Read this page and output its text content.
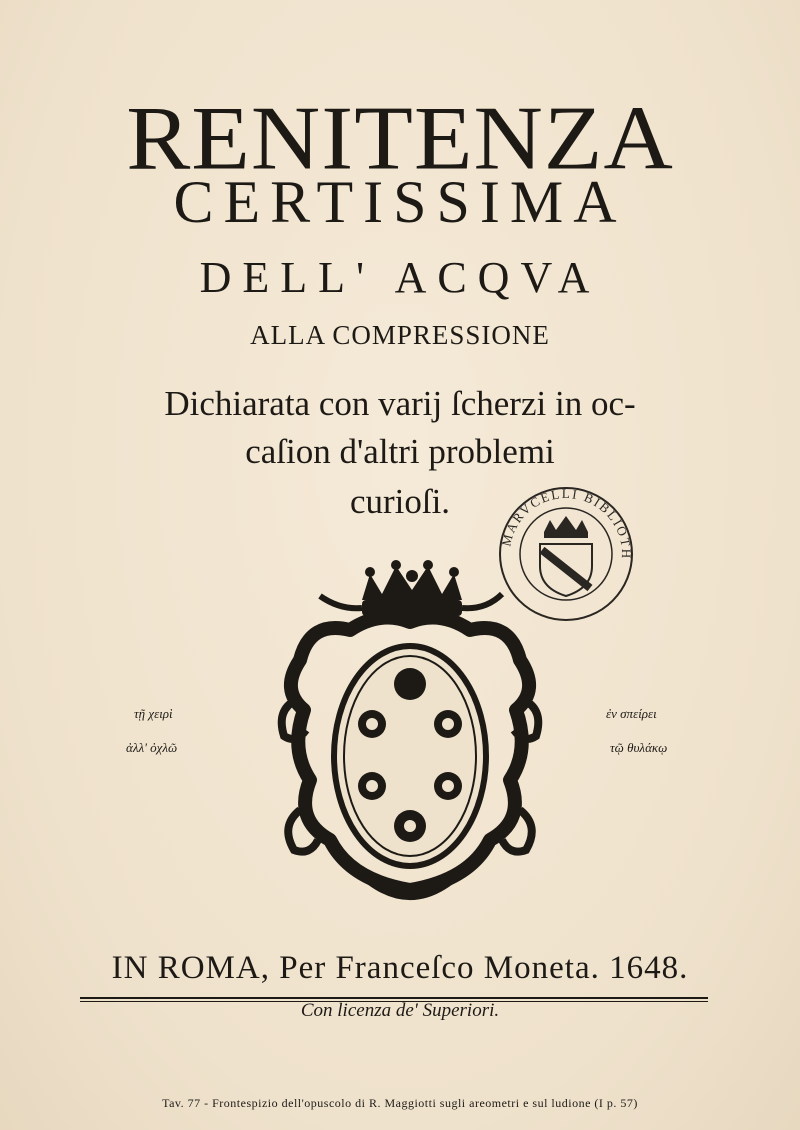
RENITENZA
CERTISSIMA
DELL' ACQVA
ALLA COMPRESSIONE
Dichiarata con varij ſcherzi in oc-
caſion d'altri problemi
curioſi.
MARVCELLI BIBLIOTH
τῇ χειρὶ
ἀλλ' ὀχλῶ
ἐν σπείρει
τῷ θυλάκῳ
IN ROMA, Per Franceſco Moneta. 1648.
Con licenza de' Superiori.
Tav. 77 - Frontespizio dell'opuscolo di R. Maggiotti sugli areometri e sul ludione (I p. 57)
